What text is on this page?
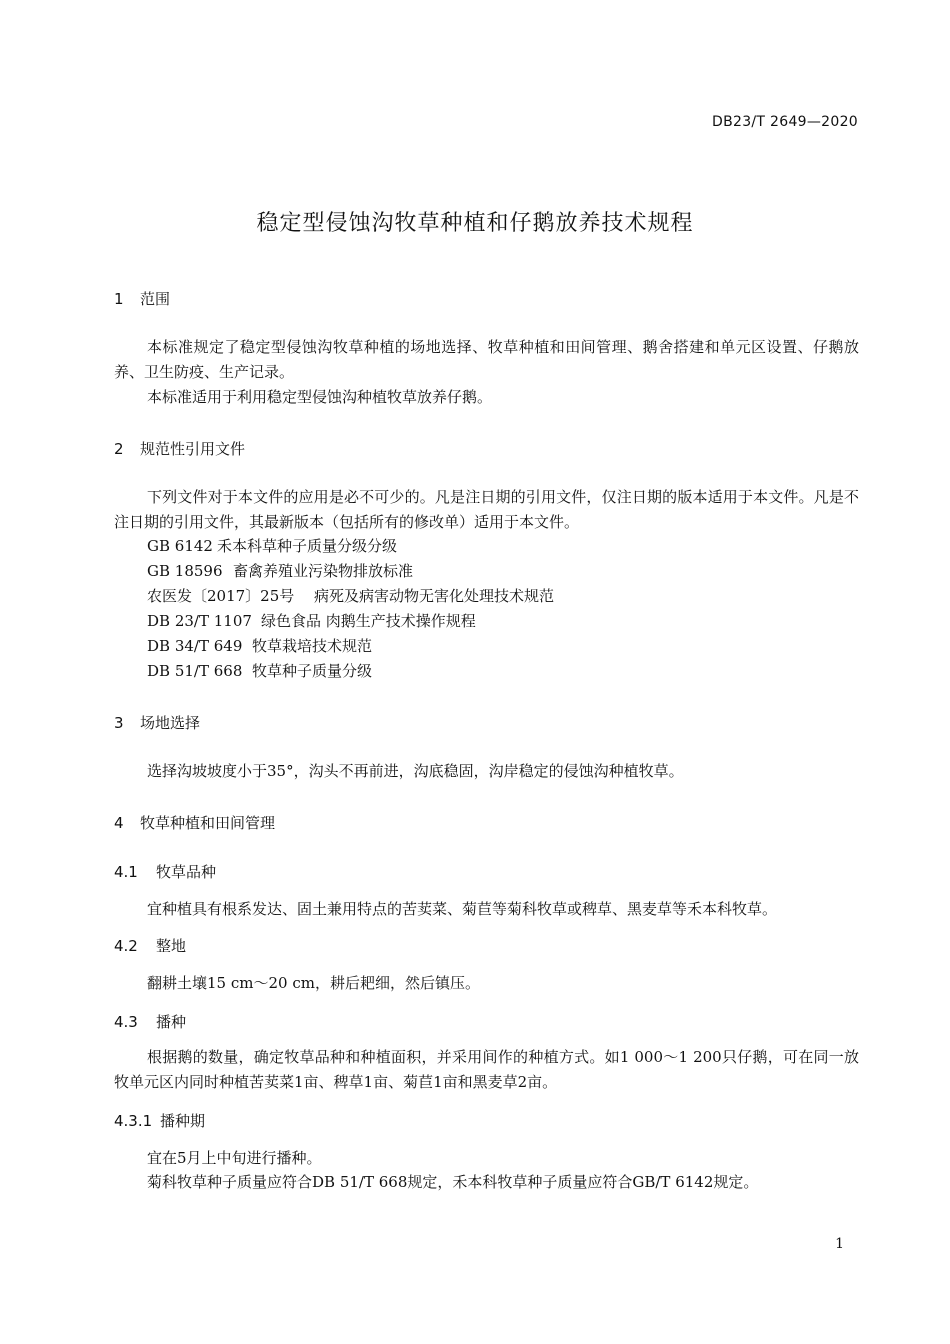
DB23/T 2649—2020
稳定型侵蚀沟牧草种植和仔鹅放养技术规程
1 范围
本标准规定了稳定型侵蚀沟牧草种植的场地选择、牧草种植和田间管理、鹅舍搭建和单元区设置、仔鹅放养、卫生防疫、生产记录。
本标准适用于利用稳定型侵蚀沟种植牧草放养仔鹅。
2 规范性引用文件
下列文件对于本文件的应用是必不可少的。凡是注日期的引用文件，仅注日期的版本适用于本文件。凡是不注日期的引用文件，其最新版本（包括所有的修改单）适用于本文件。
GB 6142 禾本科草种子质量分级分级
GB 18596 畜禽养殖业污染物排放标准
农医发〔2017〕25号 病死及病害动物无害化处理技术规范
DB 23/T 1107 绿色食品 肉鹅生产技术操作规程
DB 34/T 649 牧草栽培技术规范
DB 51/T 668 牧草种子质量分级
3 场地选择
选择沟坡坡度小于35°，沟头不再前进，沟底稳固，沟岸稳定的侵蚀沟种植牧草。
4 牧草种植和田间管理
4.1 牧草品种
宜种植具有根系发达、固土兼用特点的苦荬菜、菊苣等菊科牧草或稗草、黑麦草等禾本科牧草。
4.2 整地
翻耕土壤15 cm～20 cm，耕后耙细，然后镇压。
4.3 播种
根据鹅的数量，确定牧草品种和种植面积，并采用间作的种植方式。如1 000～1 200只仔鹅，可在同一放牧单元区内同时种植苦荬菜1亩、稗草1亩、菊苣1亩和黑麦草2亩。
4.3.1 播种期
宜在5月上中旬进行播种。
菊科牧草种子质量应符合DB 51/T 668规定，禾本科牧草种子质量应符合GB/T 6142规定。
1
